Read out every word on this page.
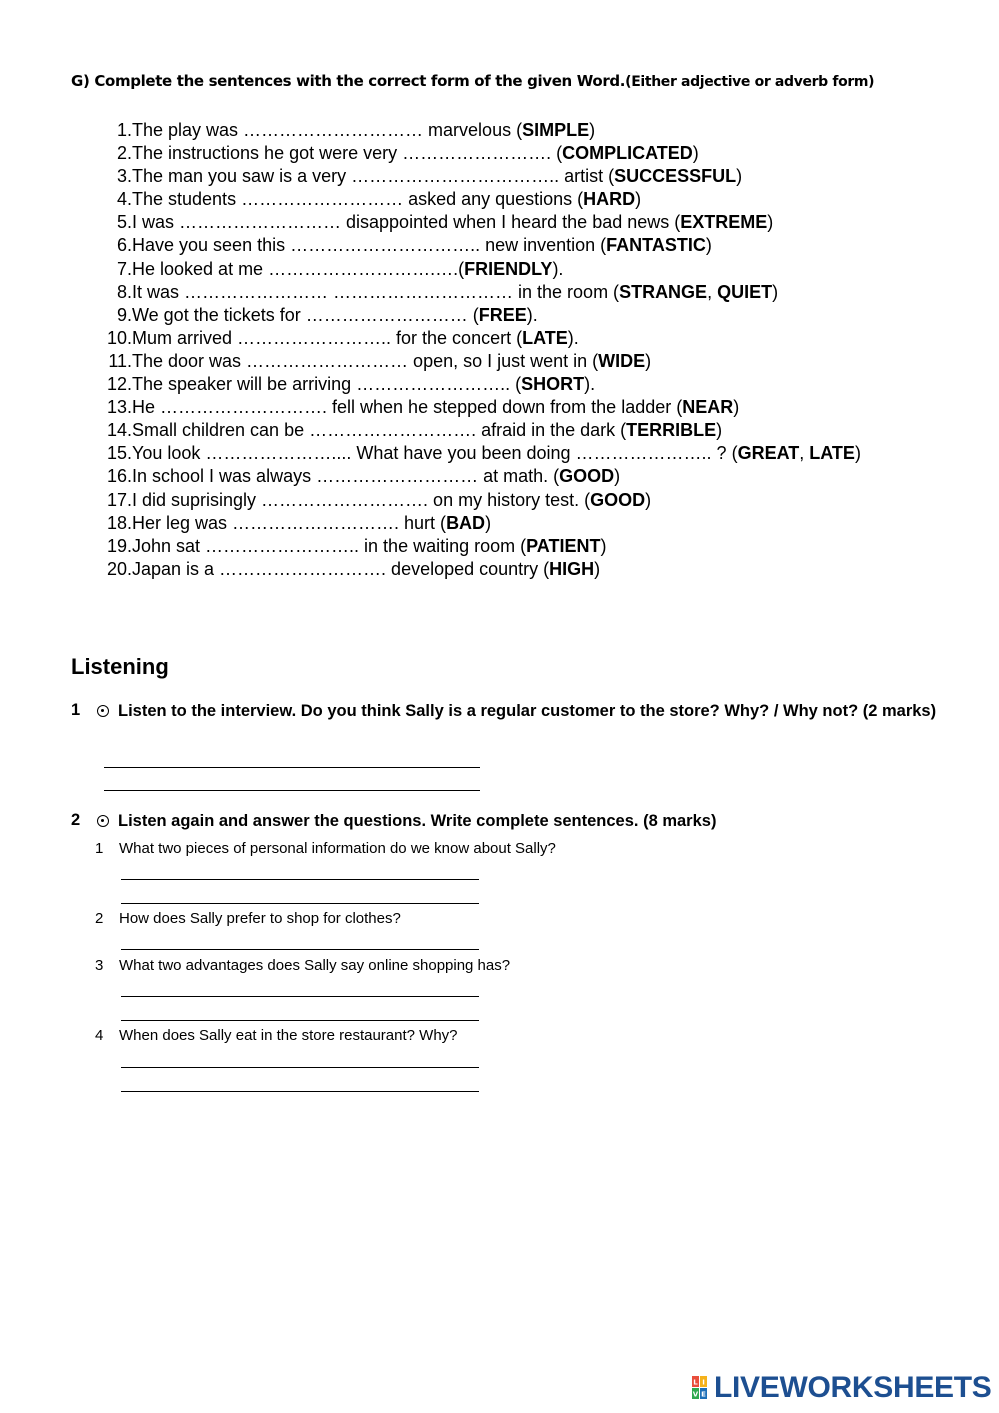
G) Complete the sentences with the correct form of the given Word.(Either adjective or adverb form)
1. The play was ………………………… marvelous (SIMPLE)
2. The instructions he got were very ……………………. (COMPLICATED)
3. The man you saw is a very …………………………….. artist (SUCCESSFUL)
4. The students ……………………… asked any questions (HARD)
5. I was ……………………… disappointed when I heard the bad news (EXTREME)
6. Have you seen this ………………………….. new invention (FANTASTIC)
7. He looked at me ……………………….….(FRIENDLY).
8. It was …………………… ………………………… in the room (STRANGE, QUIET)
9. We got the tickets for ……………………… (FREE).
10. Mum arrived …………………….. for the concert (LATE).
11. The door was ……………………… open, so I just went in (WIDE)
12. The speaker will be arriving …………………….. (SHORT).
13. He ………………………. fell when he stepped down from the ladder (NEAR)
14. Small children can be ………………………. afraid in the dark (TERRIBLE)
15. You look ………………….... What have you been doing ………………….. ? (GREAT, LATE)
16. In school I was always ……………………… at math. (GOOD)
17. I did suprisingly ………………………. on my history test. (GOOD)
18. Her leg was ………………………. hurt (BAD)
19. John sat …………………….. in the waiting room (PATIENT)
20. Japan is a ………………………. developed country (HIGH)
Listening
1 Listen to the interview. Do you think Sally is a regular customer to the store? Why? / Why not? (2 marks)
2 Listen again and answer the questions. Write complete sentences. (8 marks)
1 What two pieces of personal information do we know about Sally?
2 How does Sally prefer to shop for clothes?
3 What two advantages does Sally say online shopping has?
4 When does Sally eat in the store restaurant? Why?
L I
V E LIVEWORKSHEETS
